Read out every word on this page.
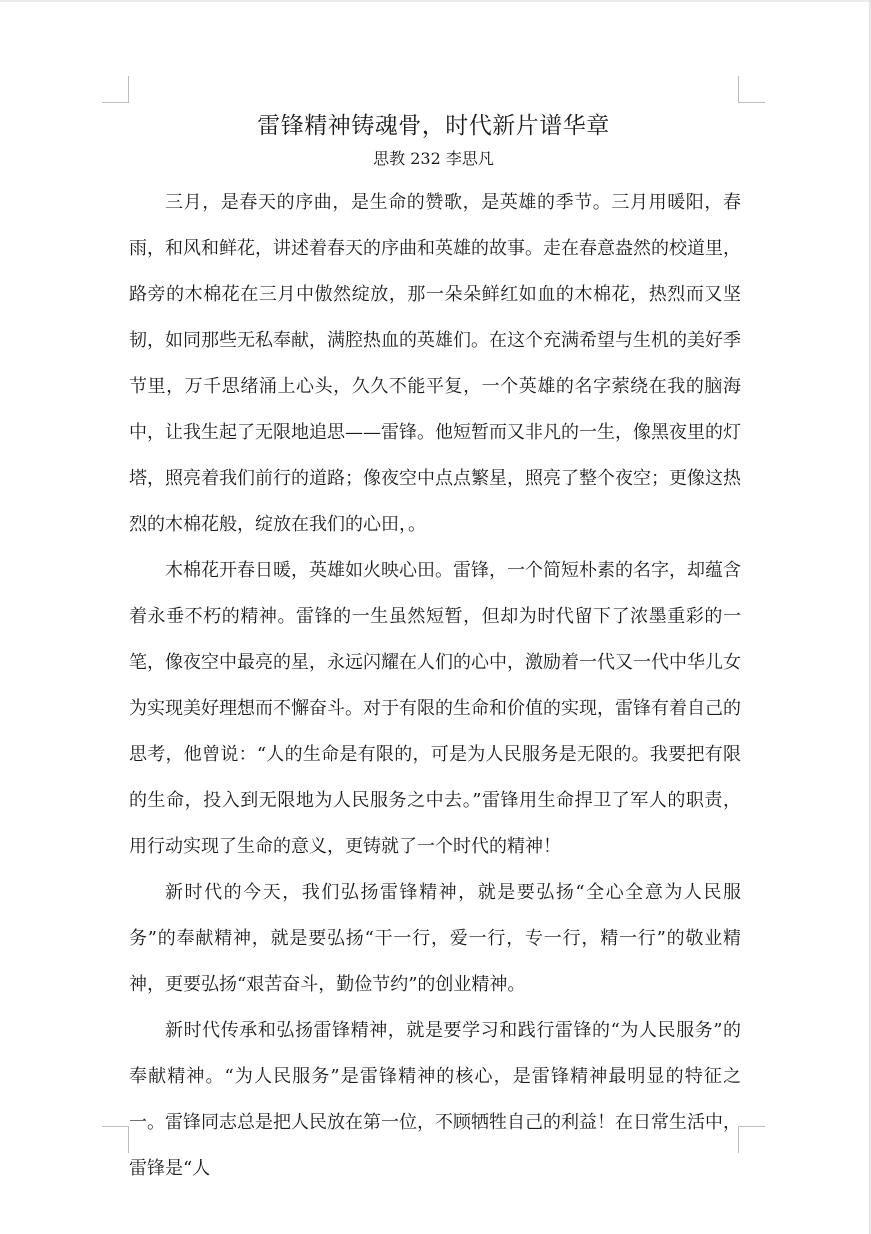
雷锋精神铸魂骨，时代新片谱华章
思教 232 李思凡

三月，是春天的序曲，是生命的赞歌，是英雄的季节。三月用暖阳，春雨，和风和鲜花，讲述着春天的序曲和英雄的故事。走在春意盎然的校道里，路旁的木棉花在三月中傲然绽放，那一朵朵鲜红如血的木棉花，热烈而又坚韧，如同那些无私奉献，满腔热血的英雄们。在这个充满希望与生机的美好季节里，万千思绪涌上心头，久久不能平复，一个英雄的名字萦绕在我的脑海中，让我生起了无限地追思——雷锋。他短暂而又非凡的一生，像黑夜里的灯塔，照亮着我们前行的道路；像夜空中点点繁星，照亮了整个夜空；更像这热烈的木棉花般，绽放在我们的心田，。

木棉花开春日暖，英雄如火映心田。雷锋，一个简短朴素的名字，却蕴含着永垂不朽的精神。雷锋的一生虽然短暂，但却为时代留下了浓墨重彩的一笔，像夜空中最亮的星，永远闪耀在人们的心中，激励着一代又一代中华儿女为实现美好理想而不懈奋斗。对于有限的生命和价值的实现，雷锋有着自己的思考，他曾说：“人的生命是有限的，可是为人民服务是无限的。我要把有限的生命，投入到无限地为人民服务之中去。”雷锋用生命捍卫了军人的职责，用行动实现了生命的意义，更铸就了一个时代的精神！

新时代的今天，我们弘扬雷锋精神，就是要弘扬“全心全意为人民服务”的奉献精神，就是要弘扬“干一行，爱一行，专一行，精一行”的敬业精神，更要弘扬“艰苦奋斗，勤俭节约”的创业精神。

新时代传承和弘扬雷锋精神，就是要学习和践行雷锋的“为人民服务”的奉献精神。“为人民服务”是雷锋精神的核心，是雷锋精神最明显的特征之一。雷锋同志总是把人民放在第一位，不顾牺牲自己的利益！在日常生活中，雷锋是“人
